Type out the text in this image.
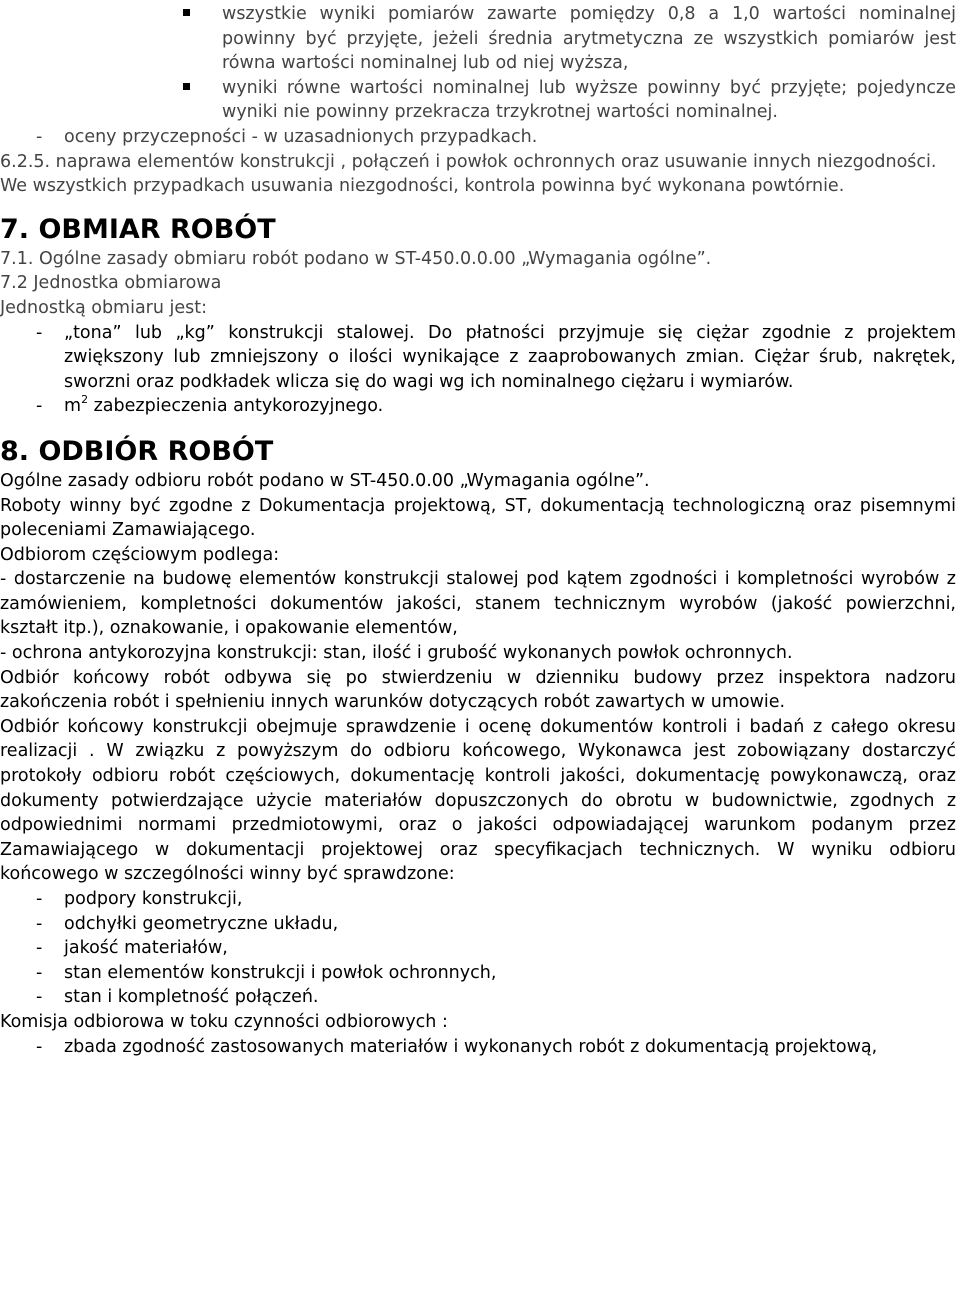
wszystkie wyniki pomiarów zawarte pomiędzy 0,8 a 1,0 wartości nominalnej powinny być przyjęte, jeżeli średnia arytmetyczna ze wszystkich pomiarów jest równa wartości nominalnej lub od niej wyższa,
wyniki równe wartości nominalnej lub wyższe powinny być przyjęte; pojedyncze wyniki nie powinny przekracza trzykrotnej wartości nominalnej.
- oceny przyczepności - w uzasadnionych przypadkach.
6.2.5. naprawa elementów konstrukcji , połączeń i powłok ochronnych oraz usuwanie innych niezgodności.
We wszystkich przypadkach usuwania niezgodności, kontrola powinna być wykonana powtórnie.
7. OBMIAR ROBÓT
7.1. Ogólne zasady obmiaru robót podano w ST-450.0.0.00 „Wymagania ogólne”.
7.2 Jednostka obmiarowa
Jednostką obmiaru jest:
- „tona” lub „kg” konstrukcji stalowej. Do płatności przyjmuje się ciężar zgodnie z projektem zwiększony lub zmniejszony o ilości wynikające z zaaprobowanych zmian. Ciężar śrub, nakrętek, sworzni oraz podkładek wlicza się do wagi wg ich nominalnego ciężaru i wymiarów.
- $m^2$ zabezpieczenia antykorozyjnego.
8. ODBIÓR ROBÓT
Ogólne zasady odbioru robót podano w ST-450.0.00 „Wymagania ogólne”.
Roboty winny być zgodne z Dokumentacja projektową, ST, dokumentacją technologiczną oraz pisemnymi poleceniami Zamawiającego.
Odbiorom częściowym podlega:
- dostarczenie na budowę elementów konstrukcji stalowej pod kątem zgodności i kompletności wyrobów z zamówieniem, kompletności dokumentów jakości, stanem technicznym wyrobów (jakość powierzchni, kształt itp.), oznakowanie, i opakowanie elementów,
- ochrona antykorozyjna konstrukcji: stan, ilość i grubość wykonanych powłok ochronnych.
Odbiór końcowy robót odbywa się po stwierdzeniu w dzienniku budowy przez inspektora nadzoru zakończenia robót i spełnieniu innych warunków dotyczących robót zawartych w umowie.
Odbiór końcowy konstrukcji obejmuje sprawdzenie i ocenę dokumentów kontroli i badań z całego okresu realizacji . W związku z powyższym do odbioru końcowego, Wykonawca jest zobowiązany dostarczyć protokoły odbioru robót częściowych, dokumentację kontroli jakości, dokumentację powykonawczą, oraz dokumenty potwierdzające użycie materiałów dopuszczonych do obrotu w budownictwie, zgodnych z odpowiednimi normami przedmiotowymi, oraz o jakości odpowiadającej warunkom podanym przez Zamawiającego w dokumentacji projektowej oraz specyfikacjach technicznych. W wyniku odbioru końcowego w szczególności winny być sprawdzone:
- podpory konstrukcji,
- odchyłki geometryczne układu,
- jakość materiałów,
- stan elementów konstrukcji i powłok ochronnych,
- stan i kompletność połączeń.
Komisja odbiorowa w toku czynności odbiorowych :
- zbada zgodność zastosowanych materiałów i wykonanych robót z dokumentacją projektową,
